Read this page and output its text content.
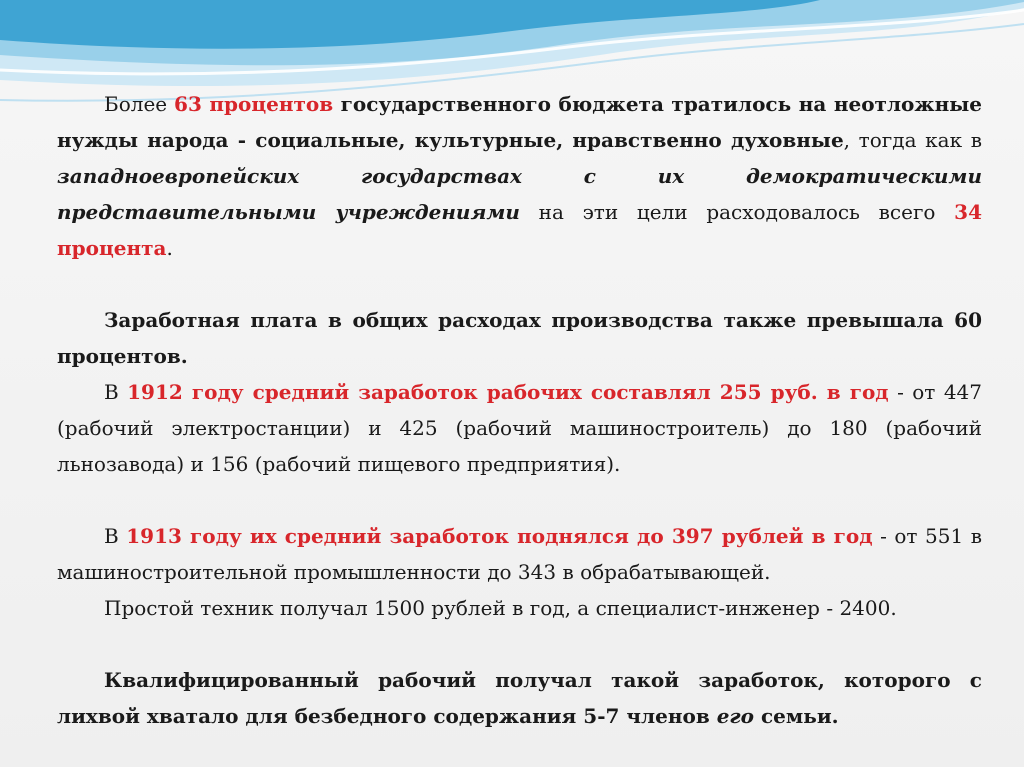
Более 63 процентов государственного бюджета тратилось на неотложные нужды народа - социальные, культурные, нравственно духовные, тогда как в западноевропейских государствах с их демократическими представительными учреждениями на эти цели расходовалось всего 34 процента.

Заработная плата в общих расходах производства также превышала 60 процентов.

В 1912 году средний заработок рабочих составлял 255 руб. в год - от 447 (рабочий электростанции) и 425 (рабочий машиностроитель) до 180 (рабочий льнозавода) и 156 (рабочий пищевого предприятия).

В 1913 году их средний заработок поднялся до 397 рублей в год - от 551 в машиностроительной промышленности до 343 в обрабатывающей.

Простой техник получал 1500 рублей в год, а специалист-инженер - 2400.

Квалифицированный рабочий получал такой заработок, которого с лихвой хватало для безбедного содержания 5-7 членов его семьи.
